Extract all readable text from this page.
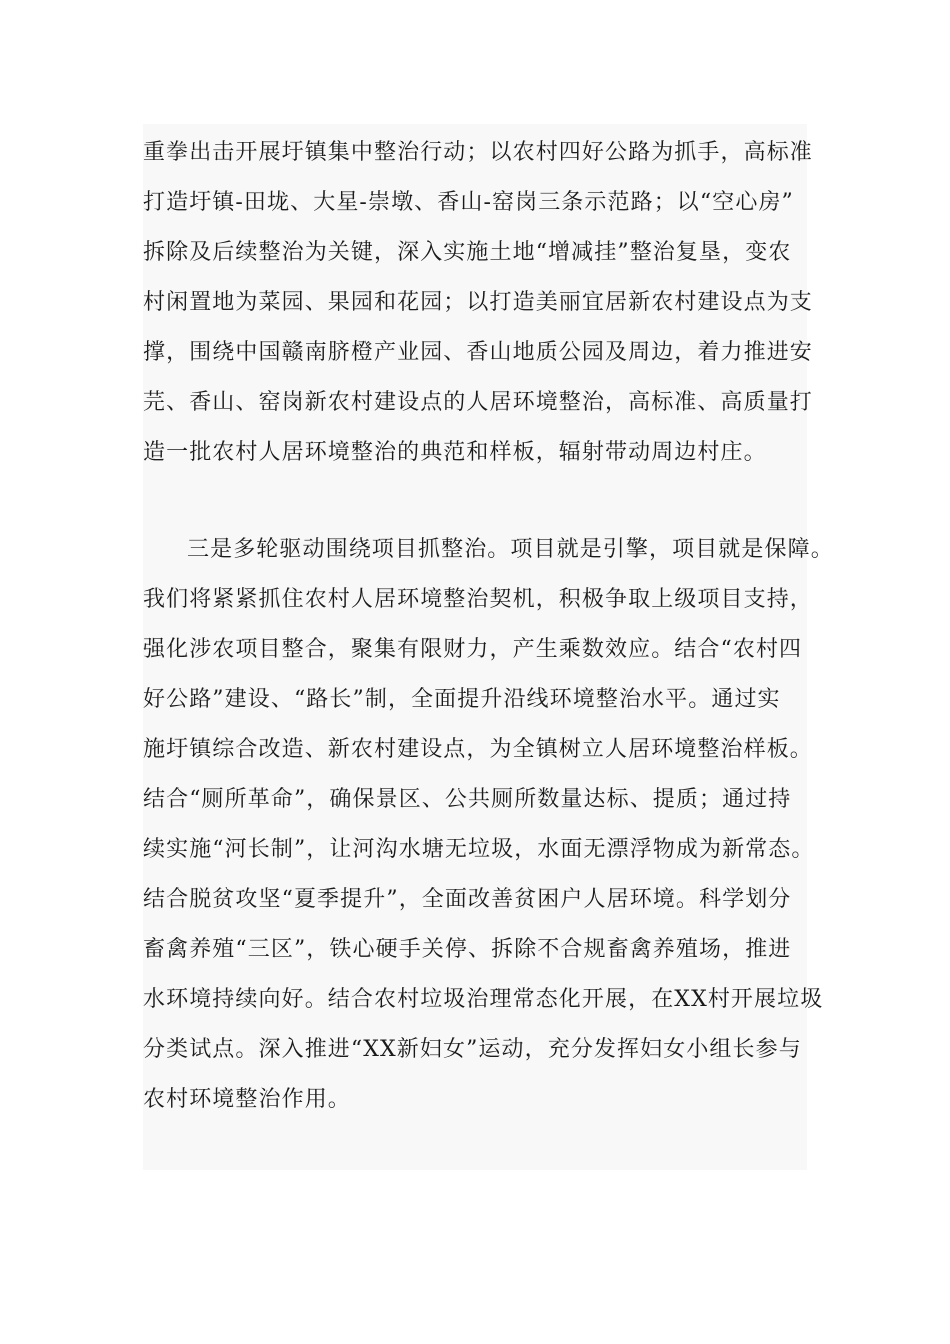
重拳出击开展圩镇集中整治行动；以农村四好公路为抓手，高标准
打造圩镇-田垅、大星-崇墩、香山-窑岗三条示范路；以“空心房”
拆除及后续整治为关键，深入实施土地“增减挂”整治复垦，变农
村闲置地为菜园、果园和花园；以打造美丽宜居新农村建设点为支
撑，围绕中国赣南脐橙产业园、香山地质公园及周边，着力推进安
芫、香山、窑岗新农村建设点的人居环境整治，高标准、高质量打
造一批农村人居环境整治的典范和样板，辐射带动周边村庄。
三是多轮驱动围绕项目抓整治。项目就是引擎，项目就是保障。
我们将紧紧抓住农村人居环境整治契机，积极争取上级项目支持，
强化涉农项目整合，聚集有限财力，产生乘数效应。结合“农村四
好公路”建设、“路长”制，全面提升沿线环境整治水平。通过实
施圩镇综合改造、新农村建设点，为全镇树立人居环境整治样板。
结合“厕所革命”，确保景区、公共厕所数量达标、提质；通过持
续实施“河长制”，让河沟水塘无垃圾，水面无漂浮物成为新常态。
结合脱贫攻坚“夏季提升”，全面改善贫困户人居环境。科学划分
畜禽养殖“三区”，铁心硬手关停、拆除不合规畜禽养殖场，推进
水环境持续向好。结合农村垃圾治理常态化开展，在XX村开展垃圾
分类试点。深入推进“XX新妇女”运动，充分发挥妇女小组长参与
农村环境整治作用。
